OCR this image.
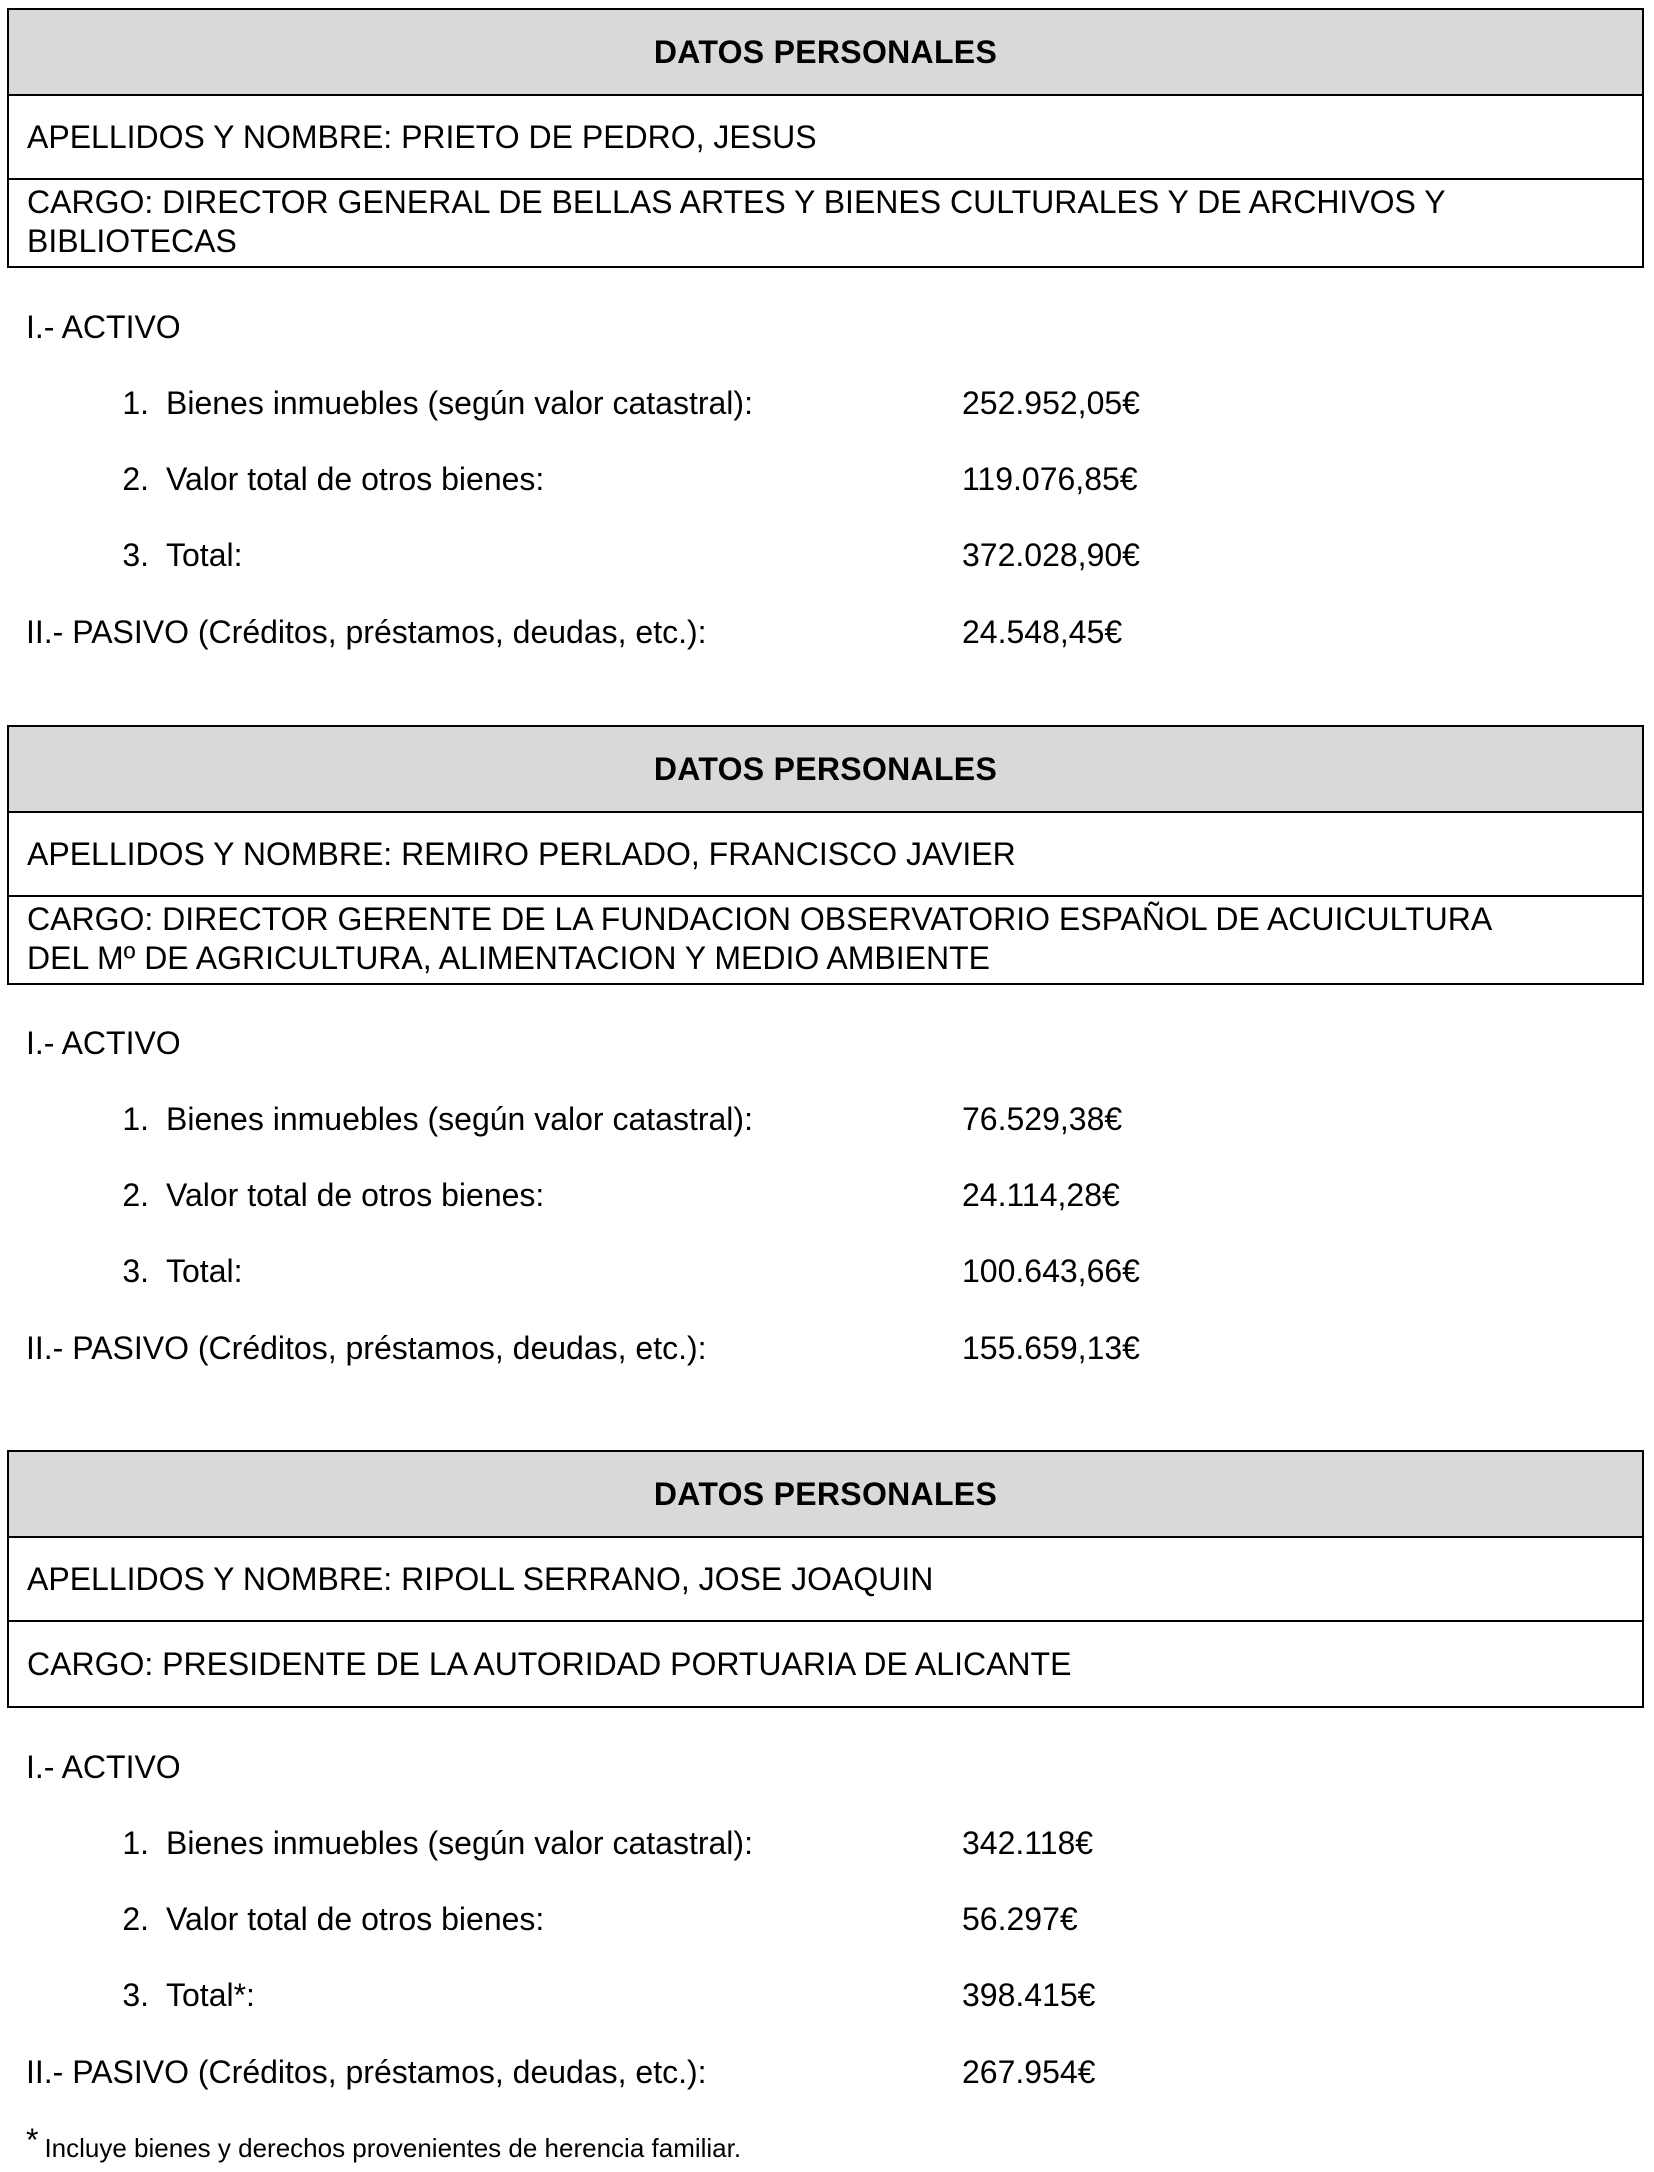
DATOS PERSONALES
APELLIDOS Y NOMBRE: PRIETO DE PEDRO, JESUS
CARGO: DIRECTOR GENERAL DE BELLAS ARTES Y BIENES CULTURALES Y DE ARCHIVOS Y
BIBLIOTECAS
I.- ACTIVO
1. Bienes inmuebles (según valor catastral):	252.952,05€
2. Valor total de otros bienes:	119.076,85€
3. Total:	372.028,90€
II.- PASIVO (Créditos, préstamos, deudas, etc.):	24.548,45€
DATOS PERSONALES
APELLIDOS Y NOMBRE: REMIRO PERLADO, FRANCISCO JAVIER
CARGO: DIRECTOR GERENTE DE LA FUNDACION OBSERVATORIO ESPAÑOL DE ACUICULTURA
DEL Mº DE AGRICULTURA, ALIMENTACION Y MEDIO AMBIENTE
I.- ACTIVO
1. Bienes inmuebles (según valor catastral):	76.529,38€
2. Valor total de otros bienes:	24.114,28€
3. Total:	100.643,66€
II.- PASIVO (Créditos, préstamos, deudas, etc.):	155.659,13€
DATOS PERSONALES
APELLIDOS Y NOMBRE: RIPOLL SERRANO, JOSE JOAQUIN
CARGO: PRESIDENTE DE LA AUTORIDAD PORTUARIA DE ALICANTE
I.- ACTIVO
1. Bienes inmuebles (según valor catastral):	342.118€
2. Valor total de otros bienes:	56.297€
3. Total*:	398.415€
II.- PASIVO (Créditos, préstamos, deudas, etc.):	267.954€
* Incluye bienes y derechos provenientes de herencia familiar.
